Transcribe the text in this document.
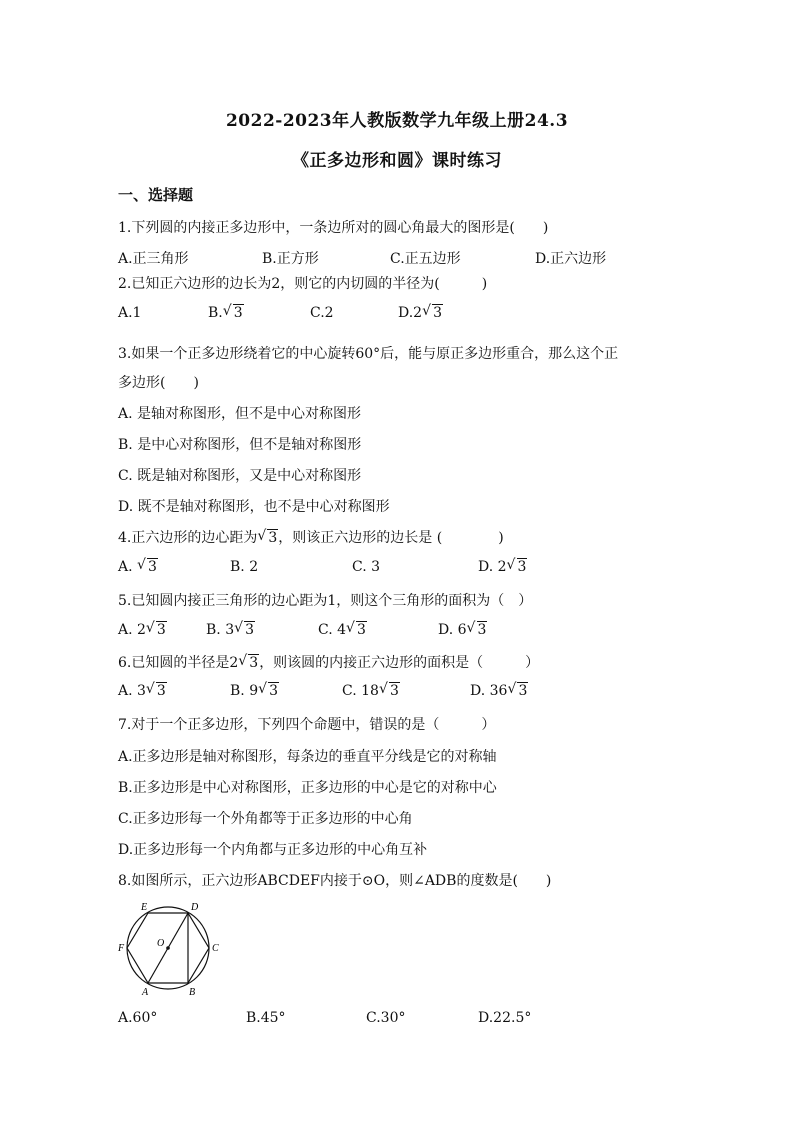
2022-2023年人教版数学九年级上册24.3
《正多边形和圆》课时练习
一、选择题
1.下列圆的内接正多边形中，一条边所对的圆心角最大的图形是(　　)
A.正三角形	B.正方形	C.正五边形	D.正六边形
2.已知正六边形的边长为2，则它的内切圆的半径为(　　　)
A.1	B. √ 3	C.2	D.2 √ 3
3.如果一个正多边形绕着它的中心旋转60°后，能与原正多边形重合，那么这个正
多边形(　　)
A. 是轴对称图形，但不是中心对称图形
B. 是中心对称图形，但不是轴对称图形
C. 既是轴对称图形，又是中心对称图形
D. 既不是轴对称图形，也不是中心对称图形
4.正六边形的边心距为 √ 3，则该正六边形的边长是 (　　　　)
A. √ 3	B. 2	C. 3	D. 2 √ 3
5.已知圆内接正三角形的边心距为1，则这个三角形的面积为（　）
A. 2 √ 3	B. 3 √ 3	C. 4 √ 3	D. 6 √ 3
6.已知圆的半径是2 √ 3，则该圆的内接正六边形的面积是（　　　）
A. 3 √ 3	B. 9 √ 3	C. 18 √ 3	D. 36 √ 3
7.对于一个正多边形，下列四个命题中，错误的是（　　　）
A.正多边形是轴对称图形，每条边的垂直平分线是它的对称轴
B.正多边形是中心对称图形，正多边形的中心是它的对称中心
C.正多边形每一个外角都等于正多边形的中心角
D.正多边形每一个内角都与正多边形的中心角互补
8.如图所示，正六边形ABCDEF内接于⊙O，则∠ADB的度数是(　　)
E	D
F	C
O
A	B
A.60°	B.45°	C.30°	D.22.5°
